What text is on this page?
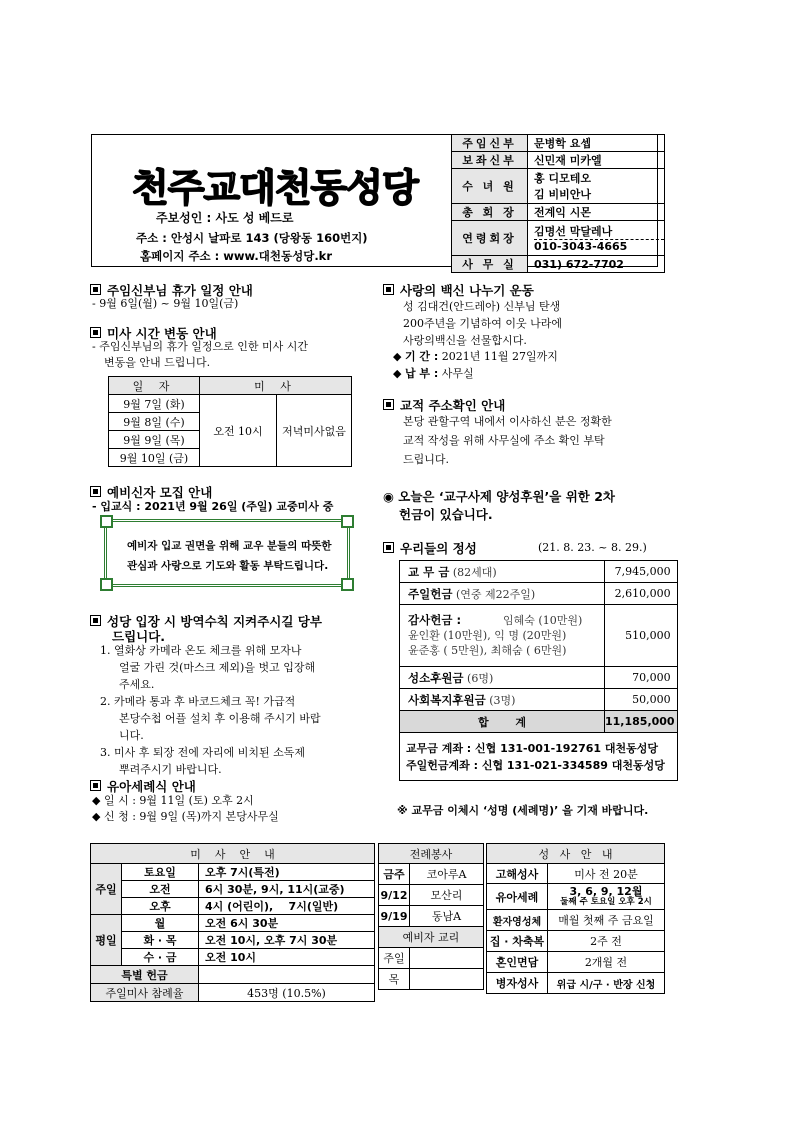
천주교대천동성당
주보성인 : 사도 성 베드로
주소 : 안성시 날파로 143 (당왕동 160번지)
홈페이지 주소 : www.대천동성당.kr
주임신부	문병학 요셉
보좌신부	신민재 미카엘
수 녀 원	홍 디모테오
김 비비안나

총 회 장	전계익 시몬
연령회장	김명선 막달레나
010-3043-4665

사 무 실	031) 672-7702
주임신부님 휴가 일정 안내
- 9월 6일(월) ~ 9월 10일(금)
미사 시간 변동 안내
- 주임신부님의 휴가 일정으로 인한 미사 시간
변동을 안내 드립니다.
일 자	미 사	
9월 7일 (화)	오전 10시	저녁미사없음
9월 8일 (수)		
9월 9일 (목)		
9월 10일 (금)		
예비신자 모집 안내
- 입교식 : 2021년 9월 26일 (주일) 교중미사 중
예비자 입교 권면을 위해 교우 분들의 따뜻한
관심과 사랑으로 기도와 활동 부탁드립니다.
성당 입장 시 방역수칙 지켜주시길 당부
드립니다.
1. 열화상 카메라 온도 체크를 위해 모자나
얼굴 가린 것(마스크 제외)을 벗고 입장해
주세요.
2. 카메라 통과 후 바코드체크 꼭! 가급적
본당수첩 어플 설치 후 이용해 주시기 바랍
니다.
3. 미사 후 퇴장 전에 자리에 비치된 소독제
뿌려주시기 바랍니다.
유아세례식 안내
◆ 일 시 : 9월 11일 (토) 오후 2시
◆ 신 청 : 9월 9일 (목)까지 본당사무실
사랑의 백신 나누기 운동
성 김대건(안드레아) 신부님 탄생
200주년을 기념하여 이웃 나라에
사랑의백신을 선물합시다.
◆ 기 간 : 2021년 11월 27일까지
◆ 납 부 : 사무실
교적 주소확인 안내
본당 관할구역 내에서 이사하신 분은 정확한
교적 작성을 위해 사무실에 주소 확인 부탁
드립니다.
◉ 오늘은 ‘교구사제 양성후원’을 위한 2차
헌금이 있습니다.
우리들의 정성	(21. 8. 23. ~ 8. 29.)
교 무 금 (82세대)	7,945,000
주일헌금 (연중 제22주일)	2,610,000

감사헌금 : 임혜숙 (10만원)
윤인환 (10만원), 익 명 (20만원)
윤준홍 ( 5만원), 최해숨 ( 6만원)	510,000
성소후원금 (6명)	70,000
사회복지후원금 (3명)	50,000
합       계	11,185,000

교무금 계좌 : 신협 131-001-192761 대천동성당
주일헌금계좌 : 신협 131-021-334589 대천동성당	
※ 교무금 이체시 ‘성명 (세례명)’ 을 기재 바랍니다.
미    사    안    내		
주일	토요일	오후 7시(특전)
	오전	6시 30분, 9시, 11시(교중)
	오후	4시 (어린이),    7시(일반)
평일	월	오전 6시 30분
	화 · 목	오전 10시, 오후 7시 30분
	수 · 금	오전 10시
특별 헌금		
주일미사 참례율		453명 (10.5%)
전례봉사	
금주	코아루A
9/12	모산리
9/19	동남A
예비자 교리	
주일	
목	
성   사   안   내	
고해성사	미사 전 20분
유아세례	3, 6, 9, 12월
둘째 주 토요일 오후 2시

환자영성체	매월 첫째 주 금요일
집 · 차축복	2주 전
혼인면담	2개월 전
병자성사	위급 시/구 · 반장 신청
